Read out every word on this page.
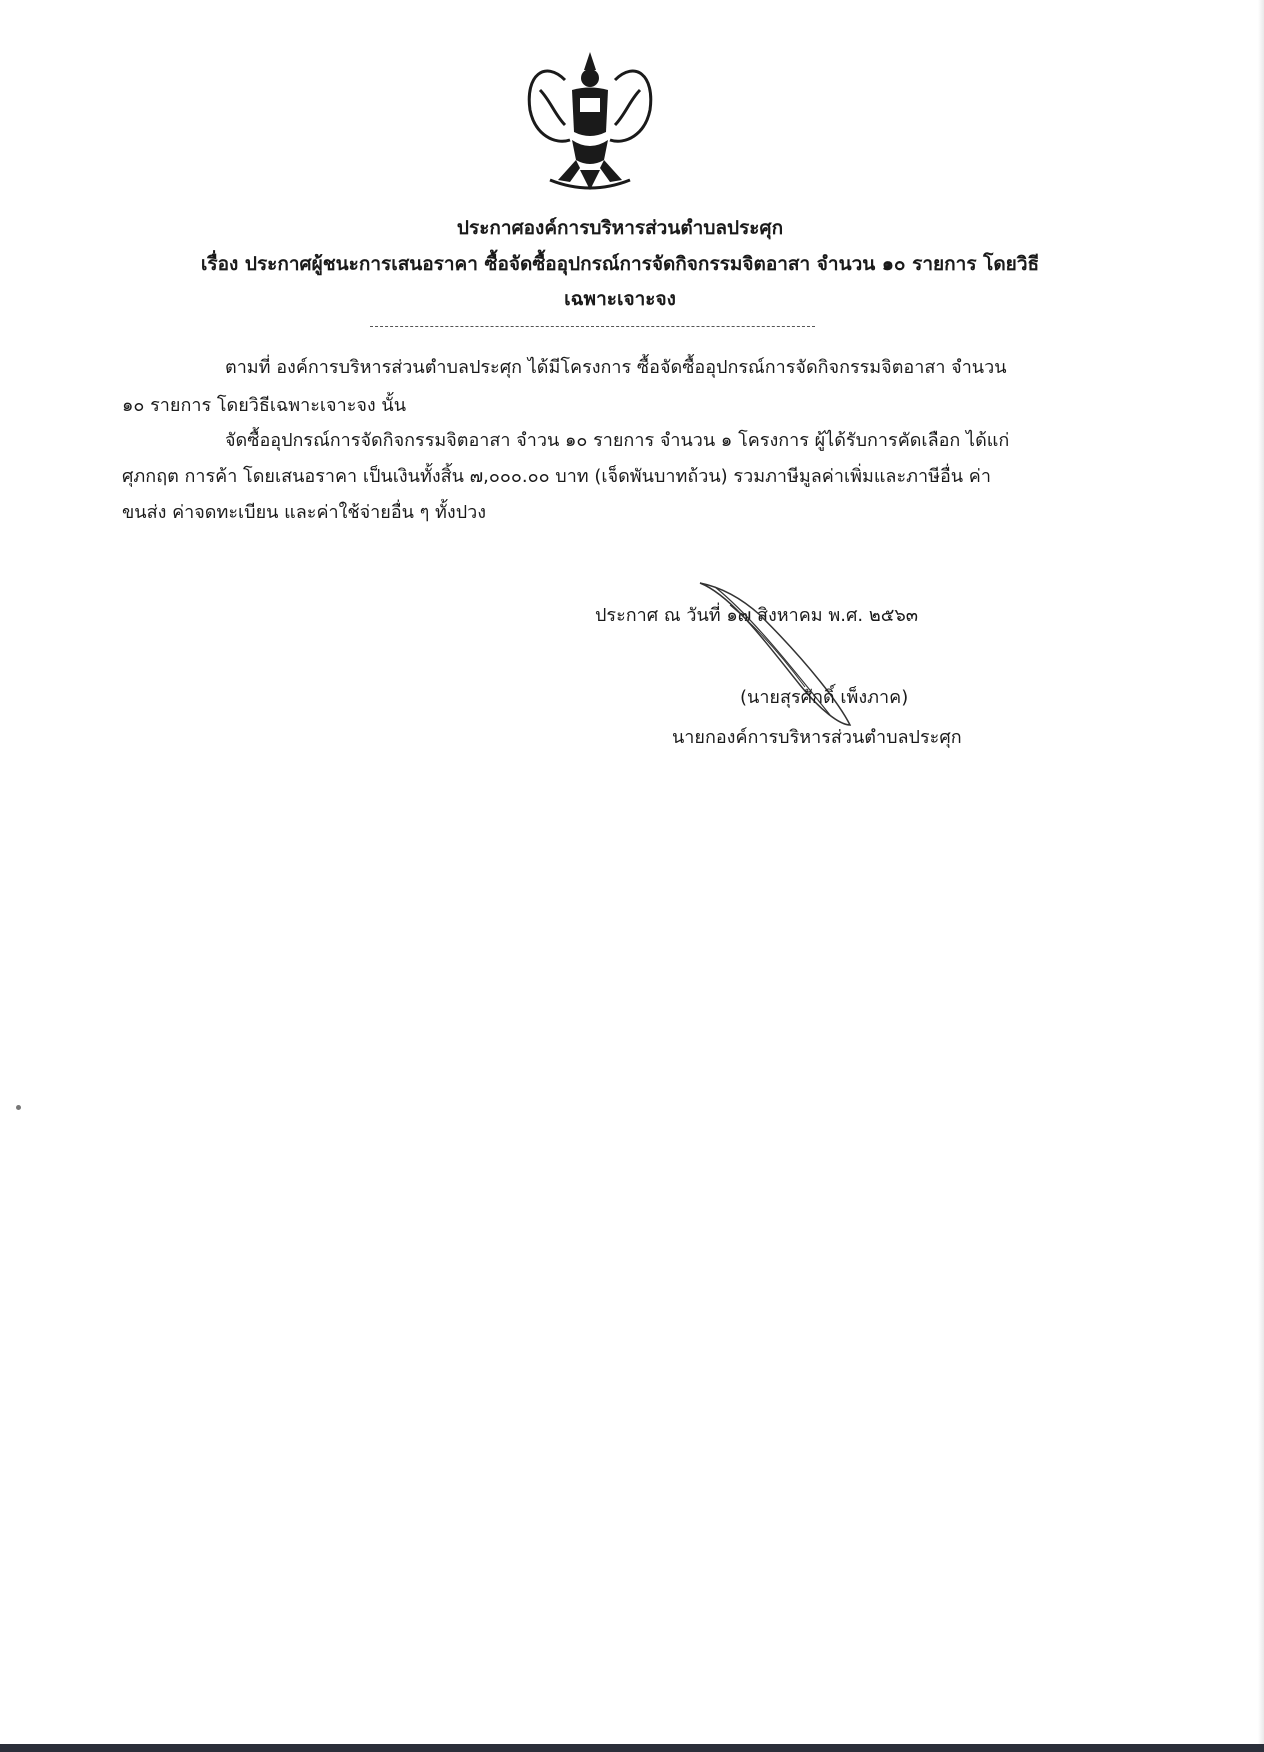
ประกาศองค์การบริหารส่วนตำบลประศุก
เรื่อง ประกาศผู้ชนะการเสนอราคา ซื้อจัดซื้ออุปกรณ์การจัดกิจกรรมจิตอาสา จำนวน ๑๐ รายการ โดยวิธี
เฉพาะเจาะจง
ตามที่ องค์การบริหารส่วนตำบลประศุก ได้มีโครงการ ซื้อจัดซื้ออุปกรณ์การจัดกิจกรรมจิตอาสา จำนวน
๑๐ รายการ โดยวิธีเฉพาะเจาะจง นั้น
จัดซื้ออุปกรณ์การจัดกิจกรรมจิตอาสา จำวน ๑๐ รายการ จำนวน ๑ โครงการ ผู้ได้รับการคัดเลือก ได้แก่
ศุภกฤต การค้า โดยเสนอราคา เป็นเงินทั้งสิ้น ๗,๐๐๐.๐๐ บาท (เจ็ดพันบาทถ้วน) รวมภาษีมูลค่าเพิ่มและภาษีอื่น ค่า
ขนส่ง ค่าจดทะเบียน และค่าใช้จ่ายอื่น ๆ ทั้งปวง
ประกาศ ณ วันที่ ๑๗ สิงหาคม พ.ศ. ๒๕๖๓
(นายสุรศักดิ์ เพ็งภาค)
นายกองค์การบริหารส่วนตำบลประศุก
